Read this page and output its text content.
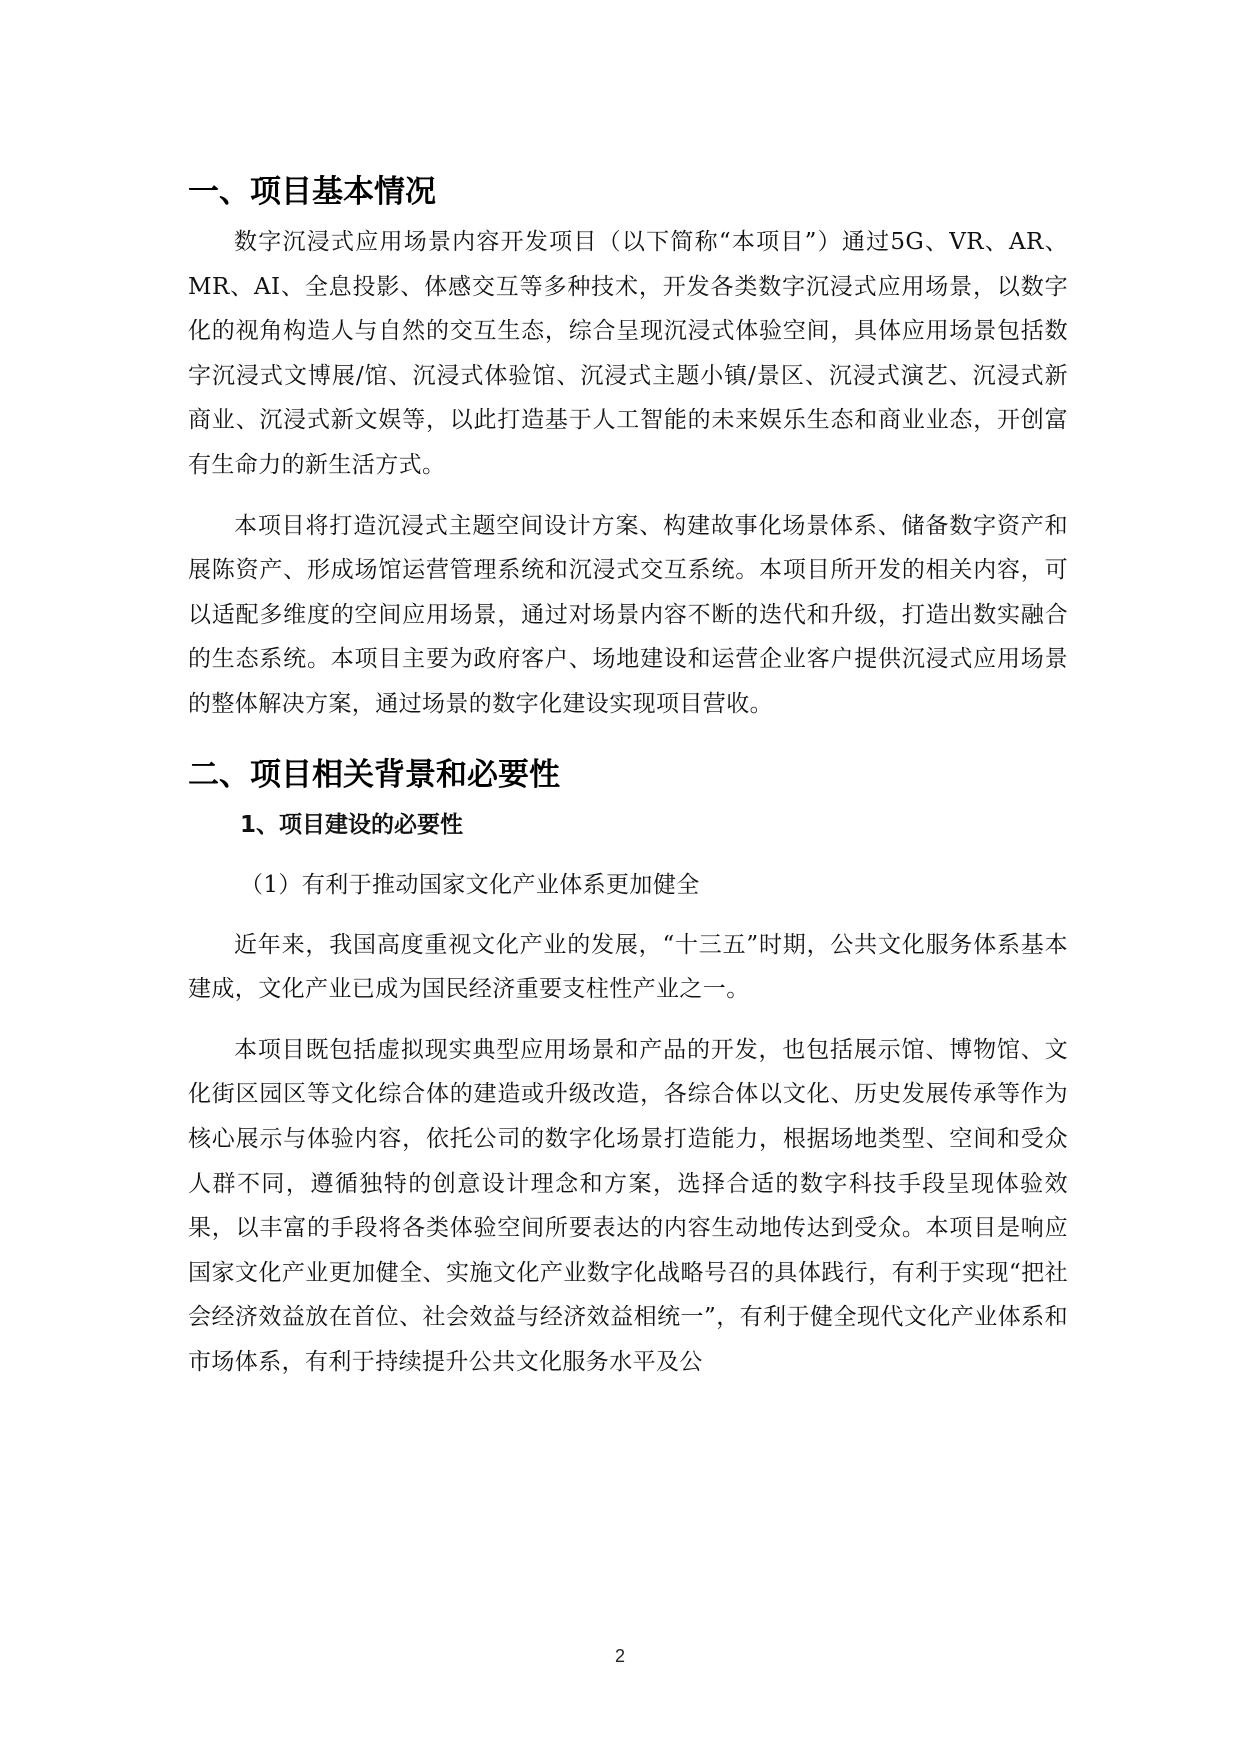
一、项目基本情况

数字沉浸式应用场景内容开发项目（以下简称“本项目”）通过5G、VR、AR、MR、AI、全息投影、体感交互等多种技术，开发各类数字沉浸式应用场景，以数字化的视角构造人与自然的交互生态，综合呈现沉浸式体验空间，具体应用场景包括数字沉浸式文博展/馆、沉浸式体验馆、沉浸式主题小镇/景区、沉浸式演艺、沉浸式新商业、沉浸式新文娱等，以此打造基于人工智能的未来娱乐生态和商业业态，开创富有生命力的新生活方式。

本项目将打造沉浸式主题空间设计方案、构建故事化场景体系、储备数字资产和展陈资产、形成场馆运营管理系统和沉浸式交互系统。本项目所开发的相关内容，可以适配多维度的空间应用场景，通过对场景内容不断的迭代和升级，打造出数实融合的生态系统。本项目主要为政府客户、场地建设和运营企业客户提供沉浸式应用场景的整体解决方案，通过场景的数字化建设实现项目营收。

二、项目相关背景和必要性

1、项目建设的必要性

（1）有利于推动国家文化产业体系更加健全

近年来，我国高度重视文化产业的发展，“十三五”时期，公共文化服务体系基本建成，文化产业已成为国民经济重要支柱性产业之一。

本项目既包括虚拟现实典型应用场景和产品的开发，也包括展示馆、博物馆、文化街区园区等文化综合体的建造或升级改造，各综合体以文化、历史发展传承等作为核心展示与体验内容，依托公司的数字化场景打造能力，根据场地类型、空间和受众人群不同，遵循独特的创意设计理念和方案，选择合适的数字科技手段呈现体验效果，以丰富的手段将各类体验空间所要表达的内容生动地传达到受众。本项目是响应国家文化产业更加健全、实施文化产业数字化战略号召的具体践行，有利于实现“把社会经济效益放在首位、社会效益与经济效益相统一”，有利于健全现代文化产业体系和市场体系，有利于持续提升公共文化服务水平及公

2
